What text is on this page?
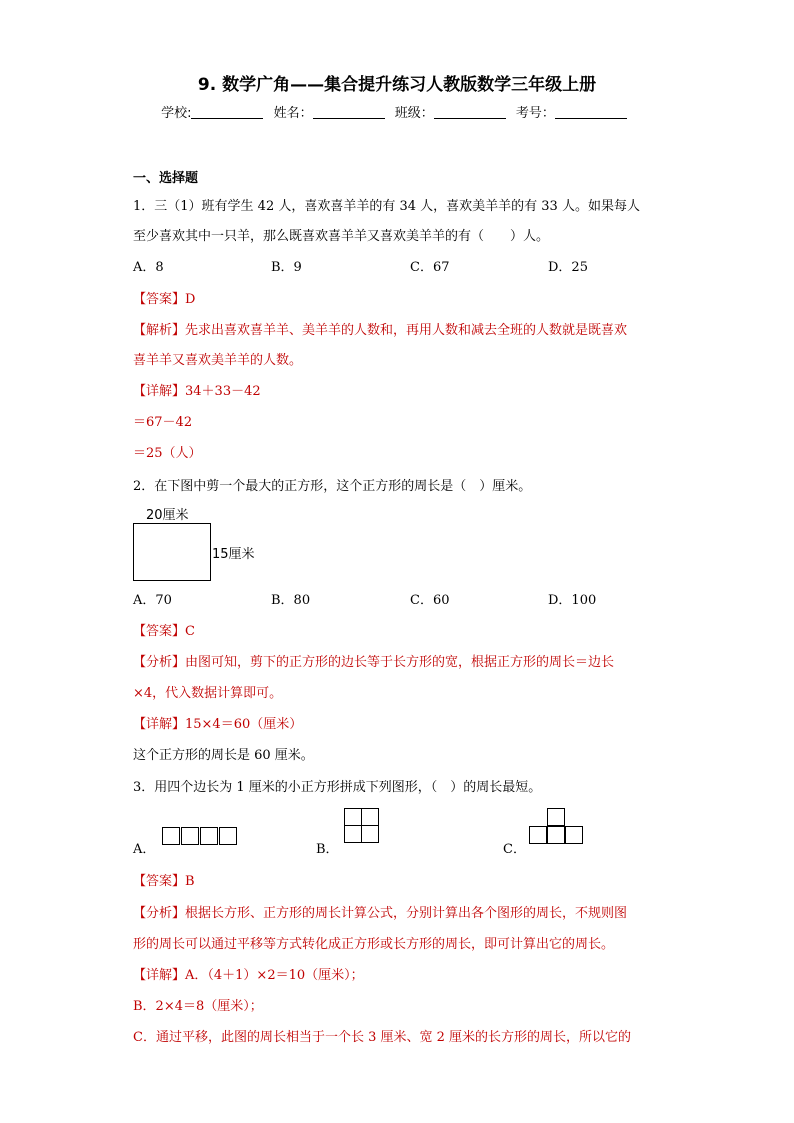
9. 数学广角——集合提升练习人教版数学三年级上册
学校:	姓名：	班级：	考号：
一、选择题
1．三（1）班有学生 42 人，喜欢喜羊羊的有 34 人，喜欢美羊羊的有 33 人。如果每人
至少喜欢其中一只羊，那么既喜欢喜羊羊又喜欢美羊羊的有（　　）人。
A．8	B．9	C．67	D．25
【答案】D
【解析】先求出喜欢喜羊羊、美羊羊的人数和，再用人数和减去全班的人数就是既喜欢
喜羊羊又喜欢美羊羊的人数。
【详解】34＋33－42
＝67－42
＝25（人）
2．在下图中剪一个最大的正方形，这个正方形的周长是（　）厘米。
20厘米
15厘米
A．70	B．80	C．60	D．100
【答案】C
【分析】由图可知，剪下的正方形的边长等于长方形的宽，根据正方形的周长＝边长
×4，代入数据计算即可。
【详解】15×4＝60（厘米）
这个正方形的周长是 60 厘米。
3．用四个边长为 1 厘米的小正方形拼成下列图形，（　）的周长最短。
A．	B．	C．
【答案】B
【分析】根据长方形、正方形的周长计算公式，分别计算出各个图形的周长，不规则图
形的周长可以通过平移等方式转化成正方形或长方形的周长，即可计算出它的周长。
【详解】A．（4＋1）×2＝10（厘米）；
B．2×4＝8（厘米）；
C．通过平移，此图的周长相当于一个长 3 厘米、宽 2 厘米的长方形的周长，所以它的
